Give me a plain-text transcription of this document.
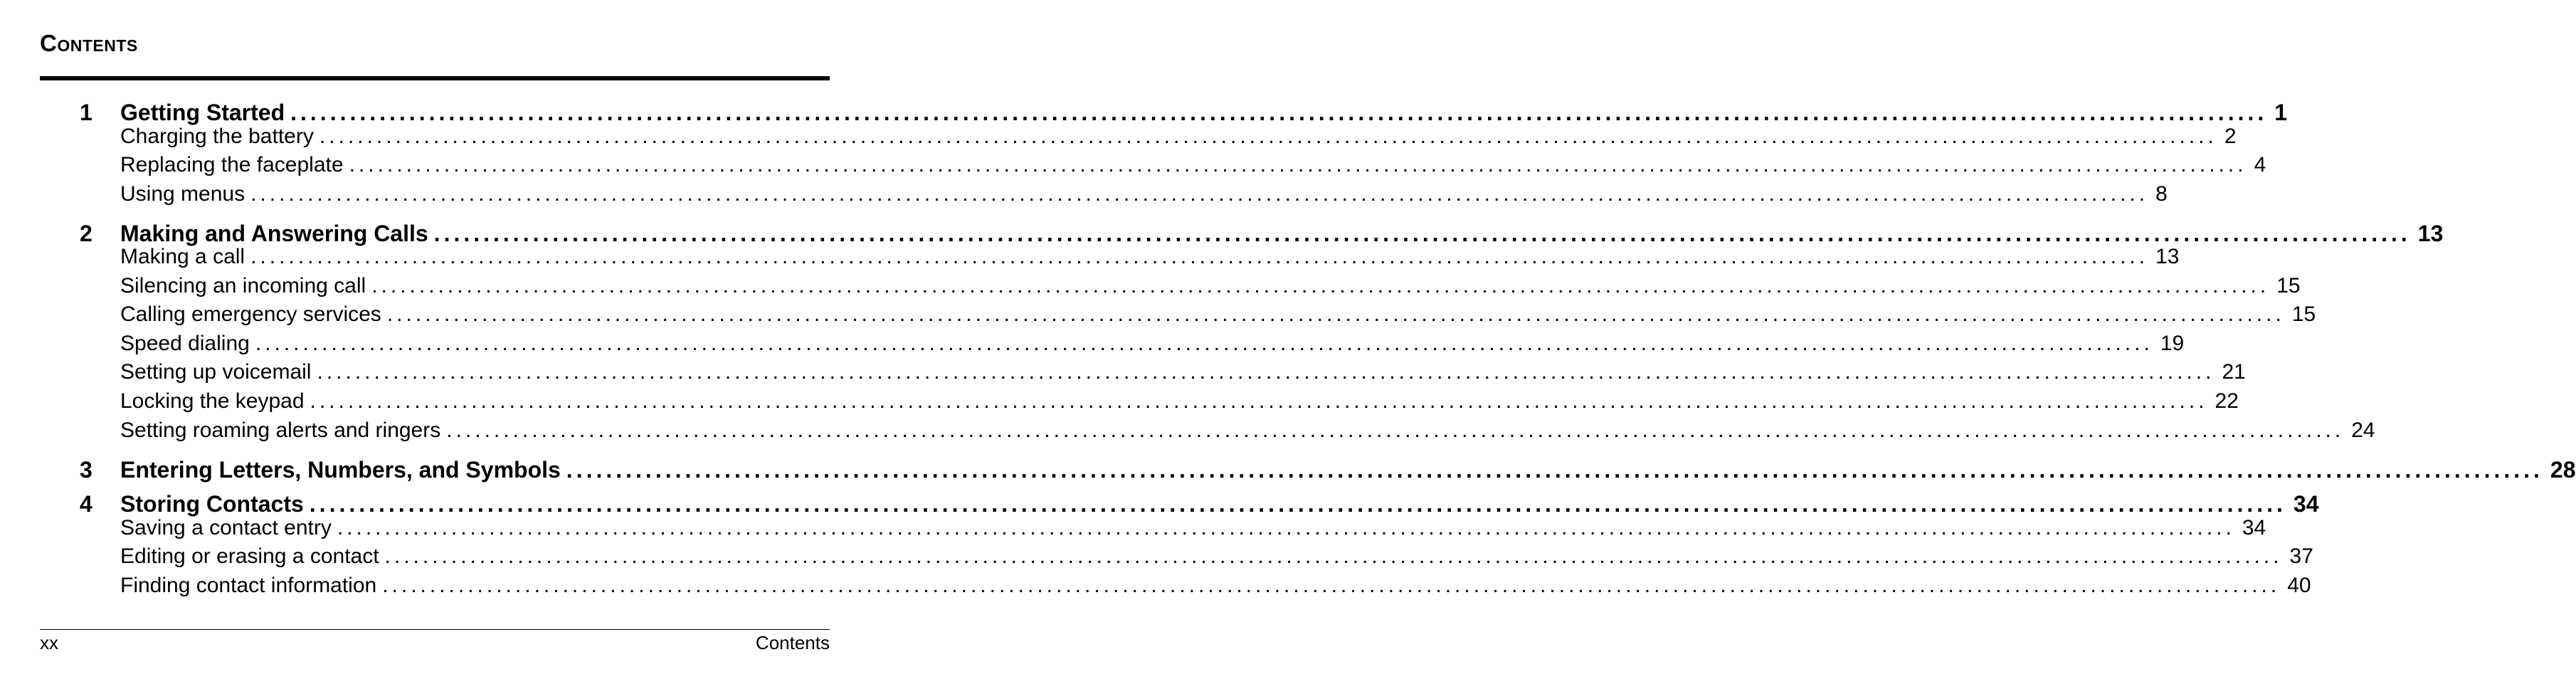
Contents
1	Getting Started ........................................................................................................................................................................................................ 1
Charging the battery ........................................................................................................................................................................................................ 2
Replacing the faceplate ........................................................................................................................................................................................................ 4
Using menus ........................................................................................................................................................................................................ 8
2	Making and Answering Calls ........................................................................................................................................................................................................ 13
Making a call ........................................................................................................................................................................................................ 13
Silencing an incoming call ........................................................................................................................................................................................................ 15
Calling emergency services ........................................................................................................................................................................................................ 15
Speed dialing ........................................................................................................................................................................................................ 19
Setting up voicemail ........................................................................................................................................................................................................ 21
Locking the keypad ........................................................................................................................................................................................................ 22
Setting roaming alerts and ringers ........................................................................................................................................................................................................ 24
3	Entering Letters, Numbers, and Symbols ........................................................................................................................................................................................................ 28
4	Storing Contacts ........................................................................................................................................................................................................ 34
Saving a contact entry ........................................................................................................................................................................................................ 34
Editing or erasing a contact ........................................................................................................................................................................................................ 37
Finding contact information ........................................................................................................................................................................................................ 40
xx	Contents
